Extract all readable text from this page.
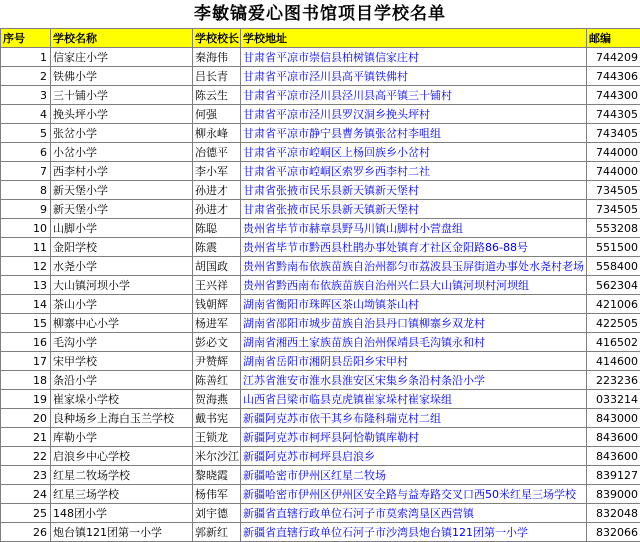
李敏镐爱心图书馆项目学校名单
序号	学校名称	学校校长	学校地址	邮编
1	信家庄小学	秦海伟	甘肃省平凉市崇信县柏树镇信家庄村	744209
2	铁佛小学	吕长青	甘肃省平凉市泾川县高平镇铁佛村	744306
3	三十铺小学	陈云生	甘肃省平凉市泾川县泾川县高平镇三十铺村	744300
4	挽头坪小学	何强	甘肃省平凉市泾川县罗汉洞乡挽头坪村	744305
5	张岔小学	柳永峰	甘肃省平凉市静宁县曹务镇张岔村李咀组	743405
6	小岔小学	冶德平	甘肃省平凉市崆峒区上杨回族乡小岔村	744000
7	西李村小学	李小军	甘肃省平凉市崆峒区索罗乡西李村二社	744000
8	新天堡小学	孙进才	甘肃省张掖市民乐县新天镇新天堡村	734505
9	新天堡小学	孙进才	甘肃省张掖市民乐县新天镇新天堡村	734505
10	山脚小学	陈聪	贵州省毕节市赫章县野马川镇山脚村小营盘组	553208
11	金阳学校	陈震	贵州省毕节市黔西县杜鹃办事处镇育才社区金阳路86-88号	551500
12	水尧小学	胡国政	贵州省黔南布依族苗族自治州都匀市荔波县玉屏街道办事处水尧村老场	558400
13	大山镇河坝小学	王兴祥	贵州省黔西南布依族苗族自治州兴仁县大山镇河坝村河坝组	562304
14	茶山小学	钱朝辉	湖南省衡阳市珠晖区茶山坳镇茶山村	421006
15	柳寨中心小学	杨进军	湖南省邵阳市城步苗族自治县丹口镇柳寨乡双龙村	422505
16	毛沟小学	彭必文	湖南省湘西土家族苗族自治州保靖县毛沟镇永和村	416502
17	宋甲学校	尹赞辉	湖南省岳阳市湘阴县岳阳乡宋甲村	414600
18	条沿小学	陈善红	江苏省淮安市淮水县淮安区宋集乡条沿村条沿小学	223236
19	崔家垛小学校	贺海燕	山西省吕梁市临县克虎镇崔家垛村崔家垛组	033214
20	良种场乡上海白玉兰学校	戴书宪	新疆阿克苏市依干其乡布隆科瑞克村二组	843000
21	库勒小学	王锁龙	新疆阿克苏市柯坪县阿恰勒镇库勒村	843600
22	启浪乡中心学校	米尔沙江	新疆阿克苏市柯坪县启浪乡	843600
23	红星二牧场学校	黎晓霞	新疆哈密市伊州区红星二牧场	839127
24	红星三场学校	杨伟军	新疆哈密市伊州区伊州区安全路与益寿路交叉口西50米红星三场学校	839000
25	148团小学	刘宇德	新疆省直辖行政单位石河子市莫索湾垦区西营镇	832048
26	炮台镇121团第一小学	郭新红	新疆省直辖行政单位石河子市沙湾县炮台镇121团第一小学	832066
